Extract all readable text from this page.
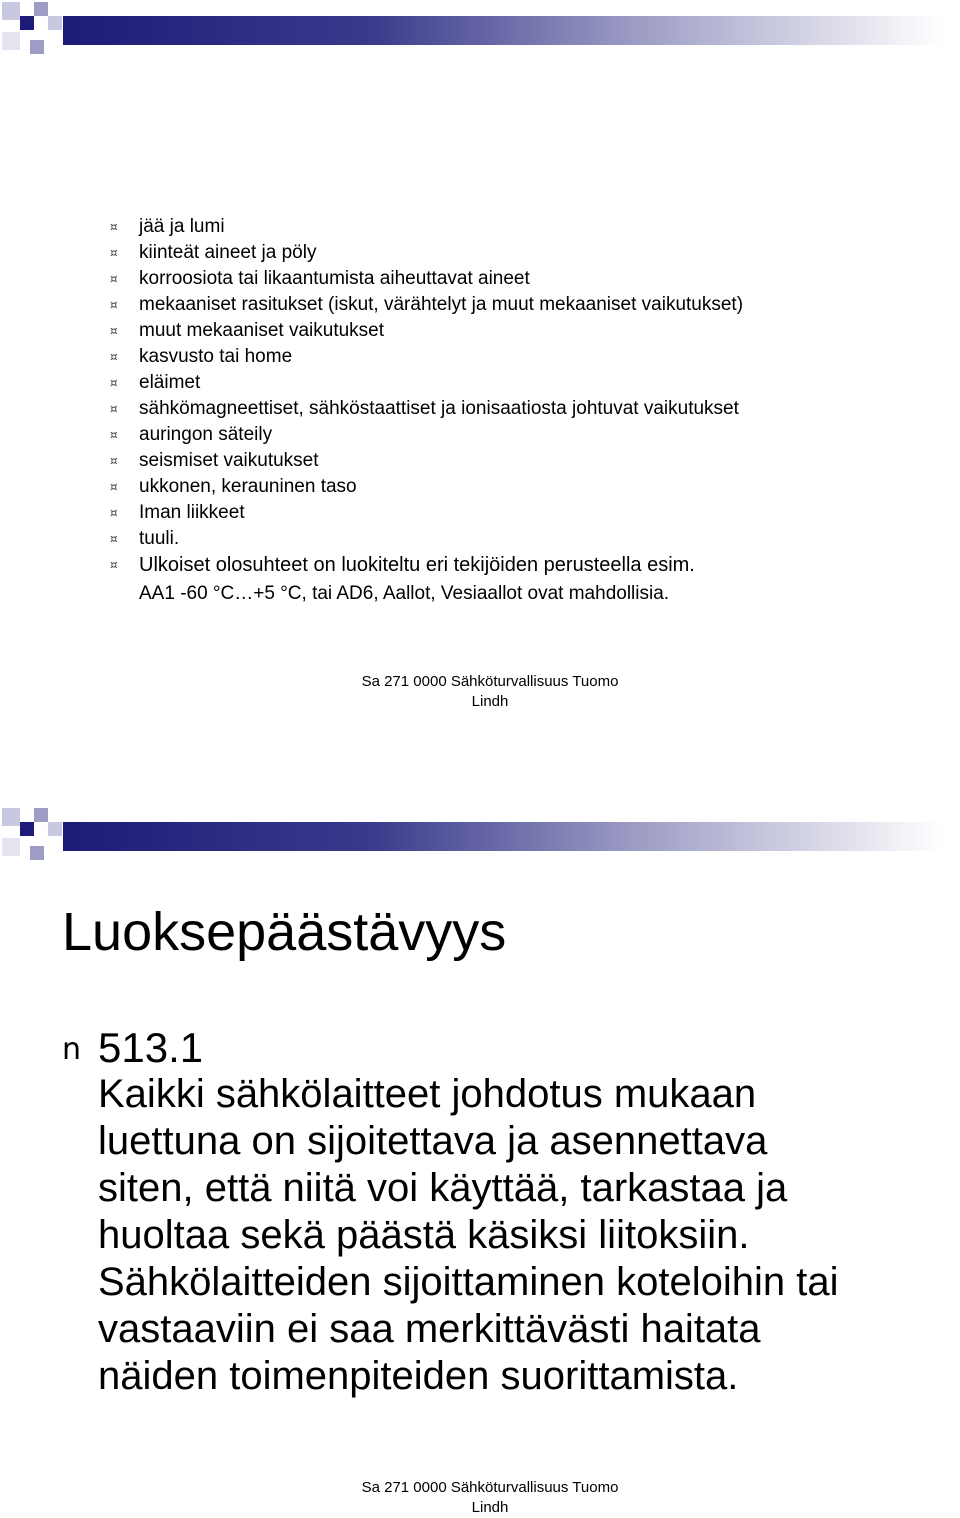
¤ jää ja lumi
¤ kiinteät aineet ja pöly
¤ korroosiota tai likaantumista aiheuttavat aineet
¤ mekaaniset rasitukset (iskut, värähtelyt ja muut mekaaniset vaikutukset)
¤ muut mekaaniset vaikutukset
¤ kasvusto tai home
¤ eläimet
¤ sähkömagneettiset, sähköstaattiset ja ionisaatiosta johtuvat vaikutukset
¤ auringon säteily
¤ seismiset vaikutukset
¤ ukkonen, kerauninen taso
¤ Iman liikkeet
¤ tuuli.
¤ Ulkoiset olosuhteet on luokiteltu eri tekijöiden perusteella esim.
AA1 -60 °C…+5 °C, tai AD6, Aallot, Vesiaallot ovat mahdollisia.
Sa 271 0000 Sähköturvallisuus Tuomo
Lindh
Luoksepäästävyys
n 513.1
Kaikki sähkölaitteet johdotus mukaan
luettuna on sijoitettava ja asennettava
siten, että niitä voi käyttää, tarkastaa ja
huoltaa sekä päästä käsiksi liitoksiin.
Sähkölaitteiden sijoittaminen koteloihin tai
vastaaviin ei saa merkittävästi haitata
näiden toimenpiteiden suorittamista.

Sa 271 0000 Sähköturvallisuus Tuomo
Lindh
